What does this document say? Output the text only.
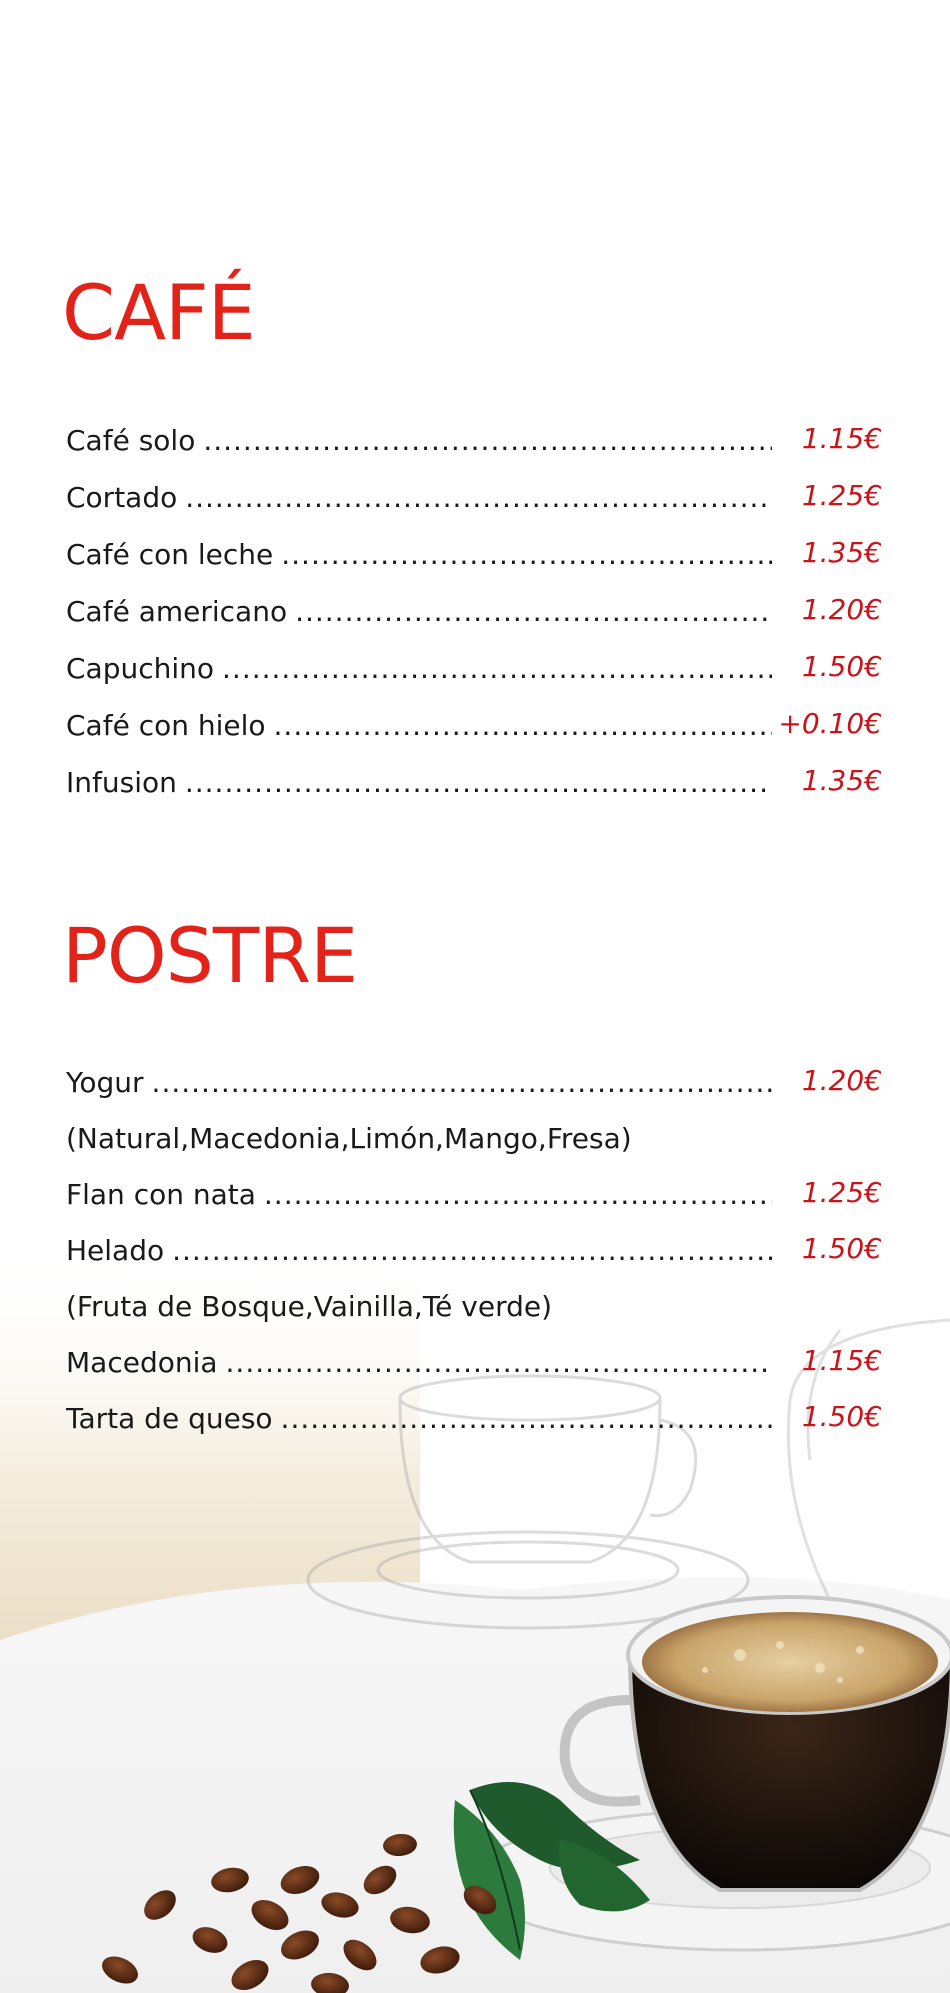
CAFÉ
Café solo .....	1.15€
Cortado .....	1.25€
Café con leche .....	1.35€
Café americano .....	1.20€
Capuchino .....	1.50€
Café con hielo .....	+0.10€
Infusion .....	1.35€
POSTRE
Yogur .....	1.20€
(Natural,Macedonia,Limón,Mango,Fresa)
Flan con nata .....	1.25€
Helado .....	1.50€
(Fruta de Bosque,Vainilla,Té verde)
Macedonia .....	1.15€
Tarta de queso .....	1.50€
